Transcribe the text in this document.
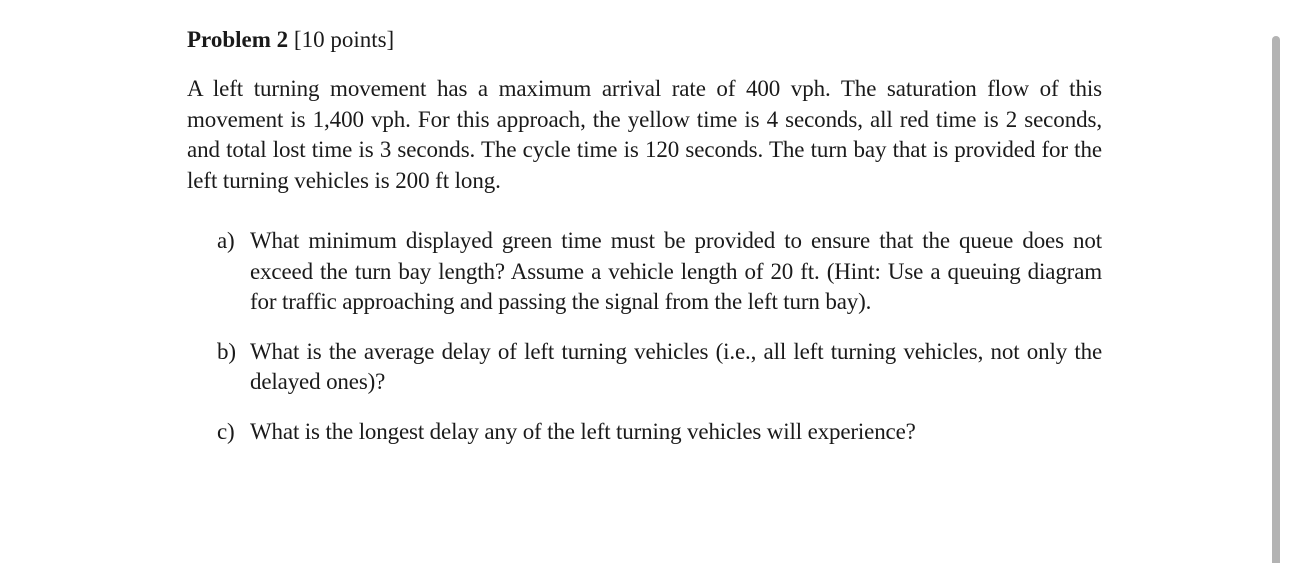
Problem 2 [10 points]

A left turning movement has a maximum arrival rate of 400 vph. The saturation flow of this movement is 1,400 vph. For this approach, the yellow time is 4 seconds, all red time is 2 seconds, and total lost time is 3 seconds. The cycle time is 120 seconds. The turn bay that is provided for the left turning vehicles is 200 ft long.

a) What minimum displayed green time must be provided to ensure that the queue does not exceed the turn bay length? Assume a vehicle length of 20 ft. (Hint: Use a queuing diagram for traffic approaching and passing the signal from the left turn bay).
b) What is the average delay of left turning vehicles (i.e., all left turning vehicles, not only the delayed ones)?
c) What is the longest delay any of the left turning vehicles will experience?
